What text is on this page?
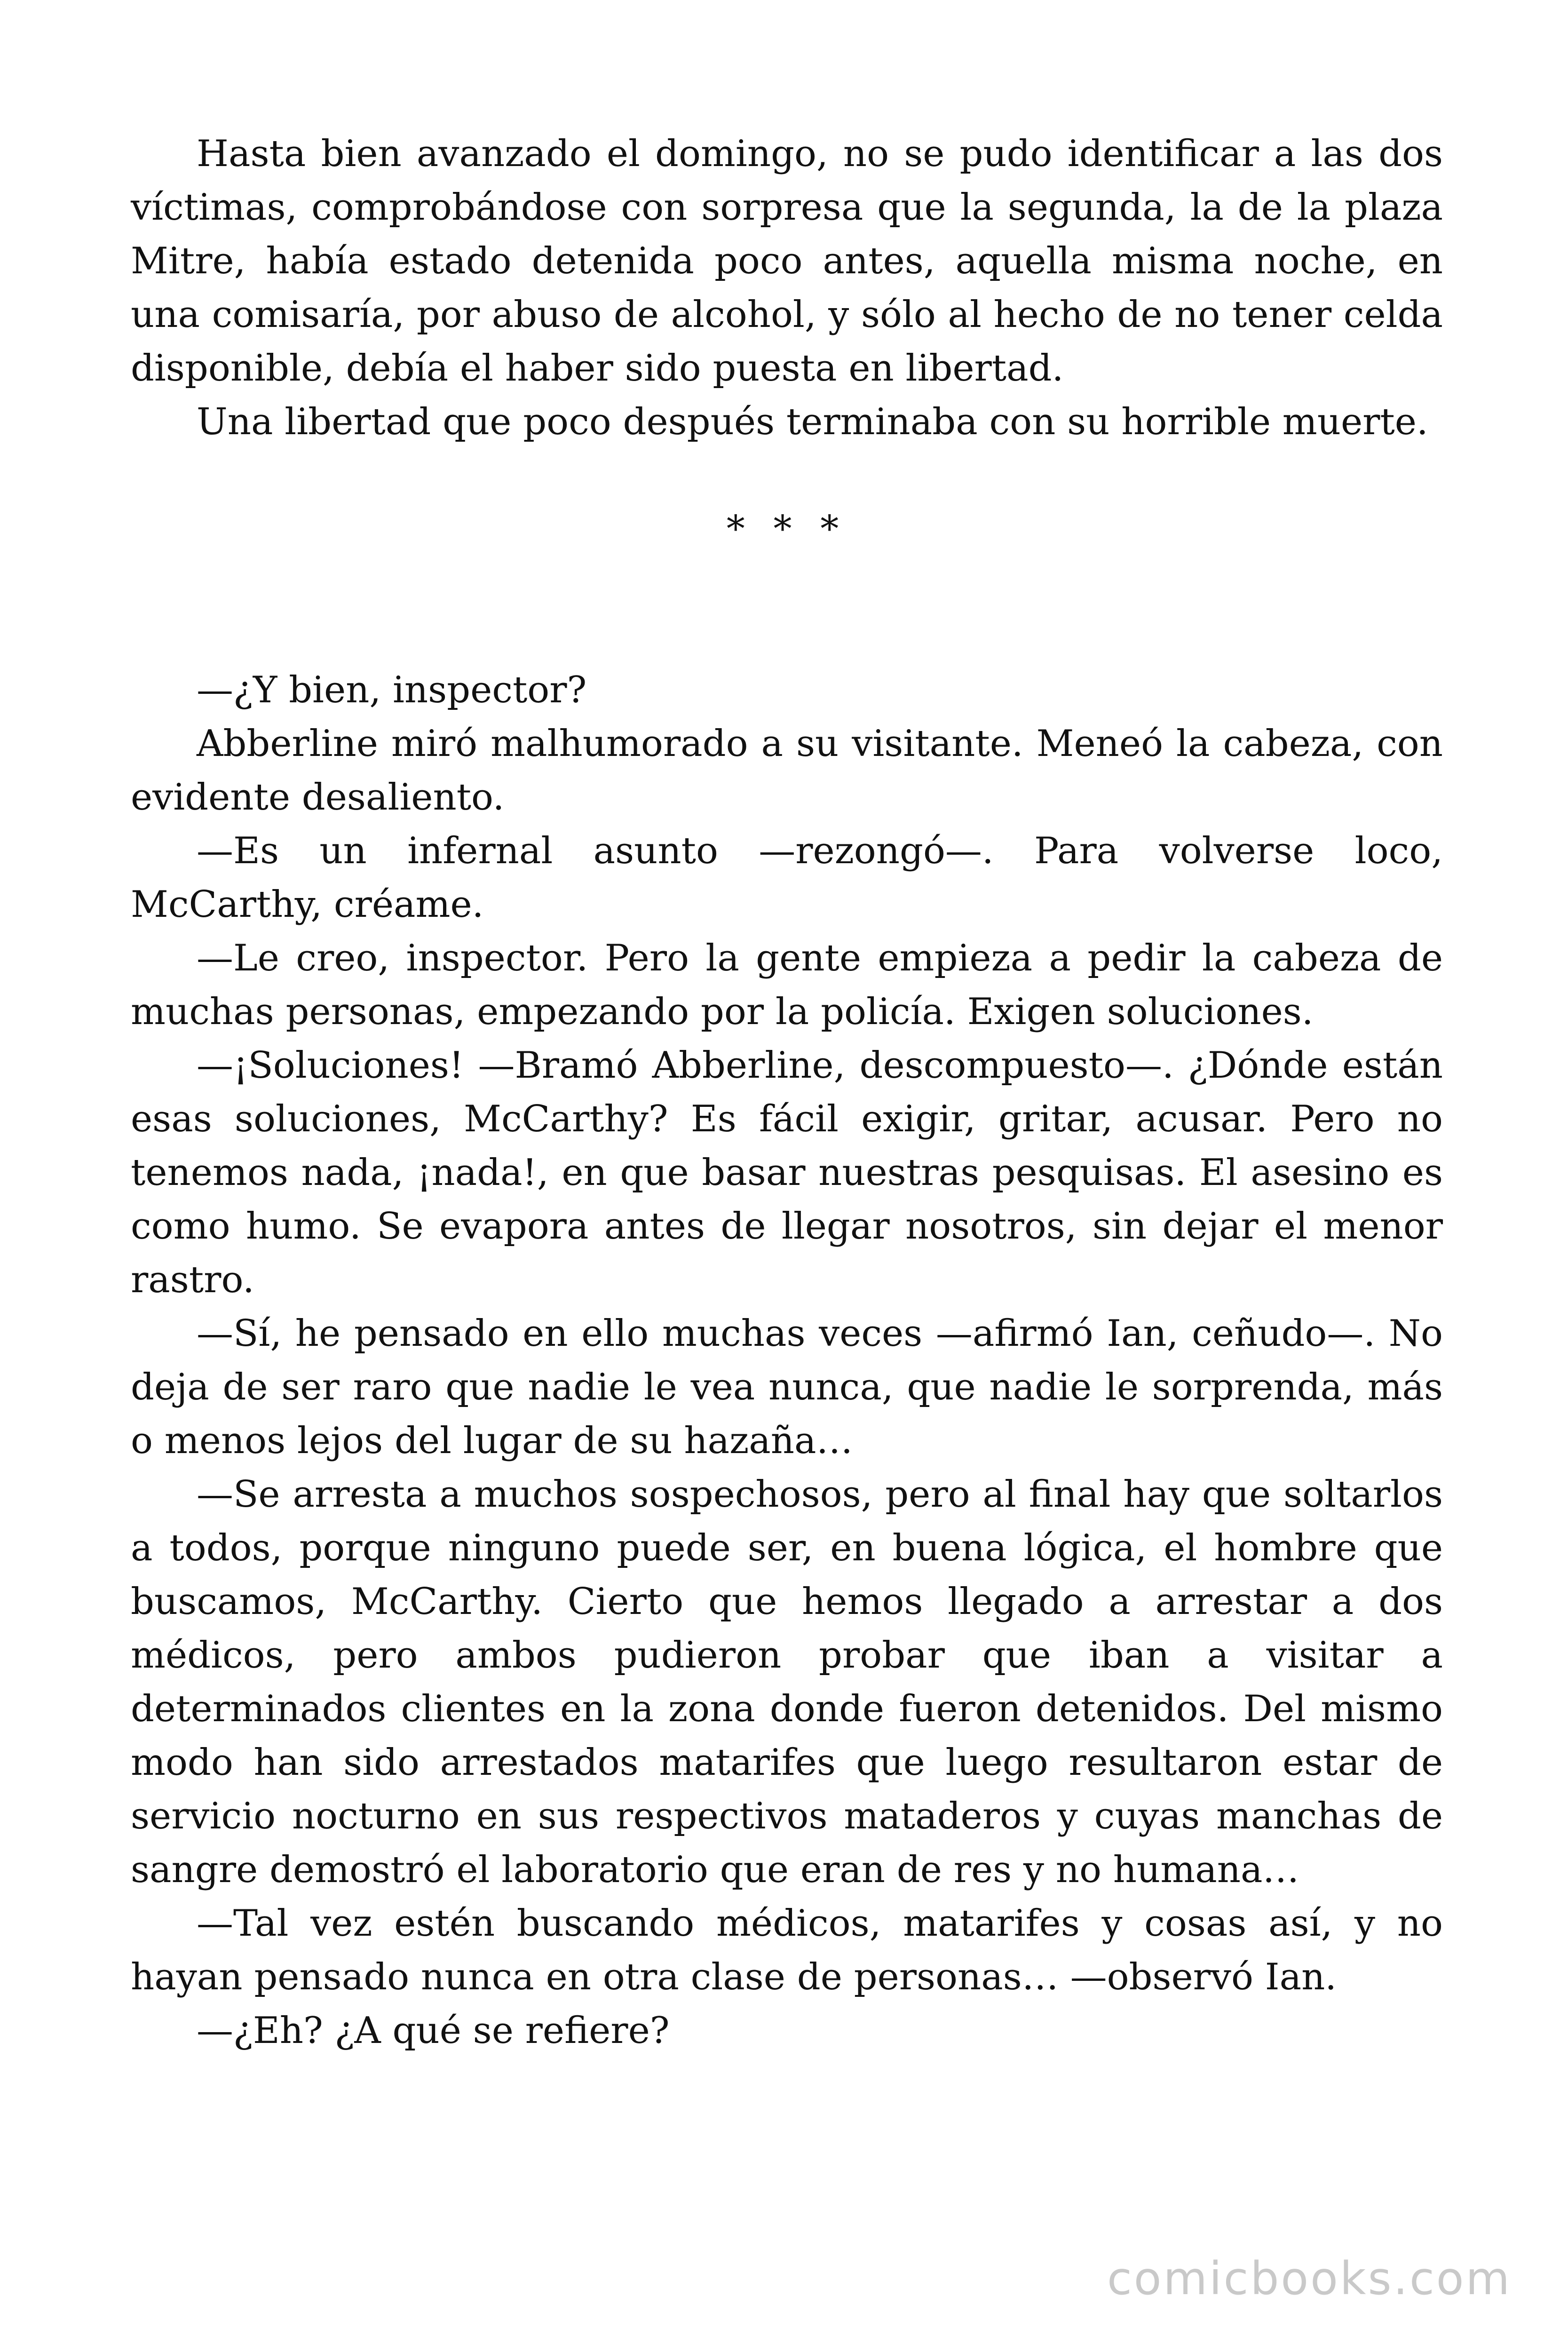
Hasta bien avanzado el domingo, no se pudo identificar a las dos víctimas, comprobándose con sorpresa que la segunda, la de la plaza Mitre, había estado detenida poco antes, aquella misma noche, en una comisaría, por abuso de alcohol, y sólo al hecho de no tener celda disponible, debía el haber sido puesta en libertad.

Una libertad que poco después terminaba con su horrible muerte.

* * *

—¿Y bien, inspector?

Abberline miró malhumorado a su visitante. Meneó la cabeza, con evidente desaliento.

—Es un infernal asunto —rezongó—. Para volverse loco, McCarthy, créame.

—Le creo, inspector. Pero la gente empieza a pedir la cabeza de muchas personas, empezando por la policía. Exigen soluciones.

—¡Soluciones! —Bramó Abberline, descompuesto—. ¿Dónde están esas soluciones, McCarthy? Es fácil exigir, gritar, acusar. Pero no tenemos nada, ¡nada!, en que basar nuestras pesquisas. El asesino es como humo. Se evapora antes de llegar nosotros, sin dejar el menor rastro.

—Sí, he pensado en ello muchas veces —afirmó Ian, ceñudo—. No deja de ser raro que nadie le vea nunca, que nadie le sorprenda, más o menos lejos del lugar de su hazaña…

—Se arresta a muchos sospechosos, pero al final hay que soltarlos a todos, porque ninguno puede ser, en buena lógica, el hombre que buscamos, McCarthy. Cierto que hemos llegado a arrestar a dos médicos, pero ambos pudieron probar que iban a visitar a determinados clientes en la zona donde fueron detenidos. Del mismo modo han sido arrestados matarifes que luego resultaron estar de servicio nocturno en sus respectivos mataderos y cuyas manchas de sangre demostró el laboratorio que eran de res y no humana…

—Tal vez estén buscando médicos, matarifes y cosas así, y no hayan pensado nunca en otra clase de personas… —observó Ian.

—¿Eh? ¿A qué se refiere?

comicbooks.com
